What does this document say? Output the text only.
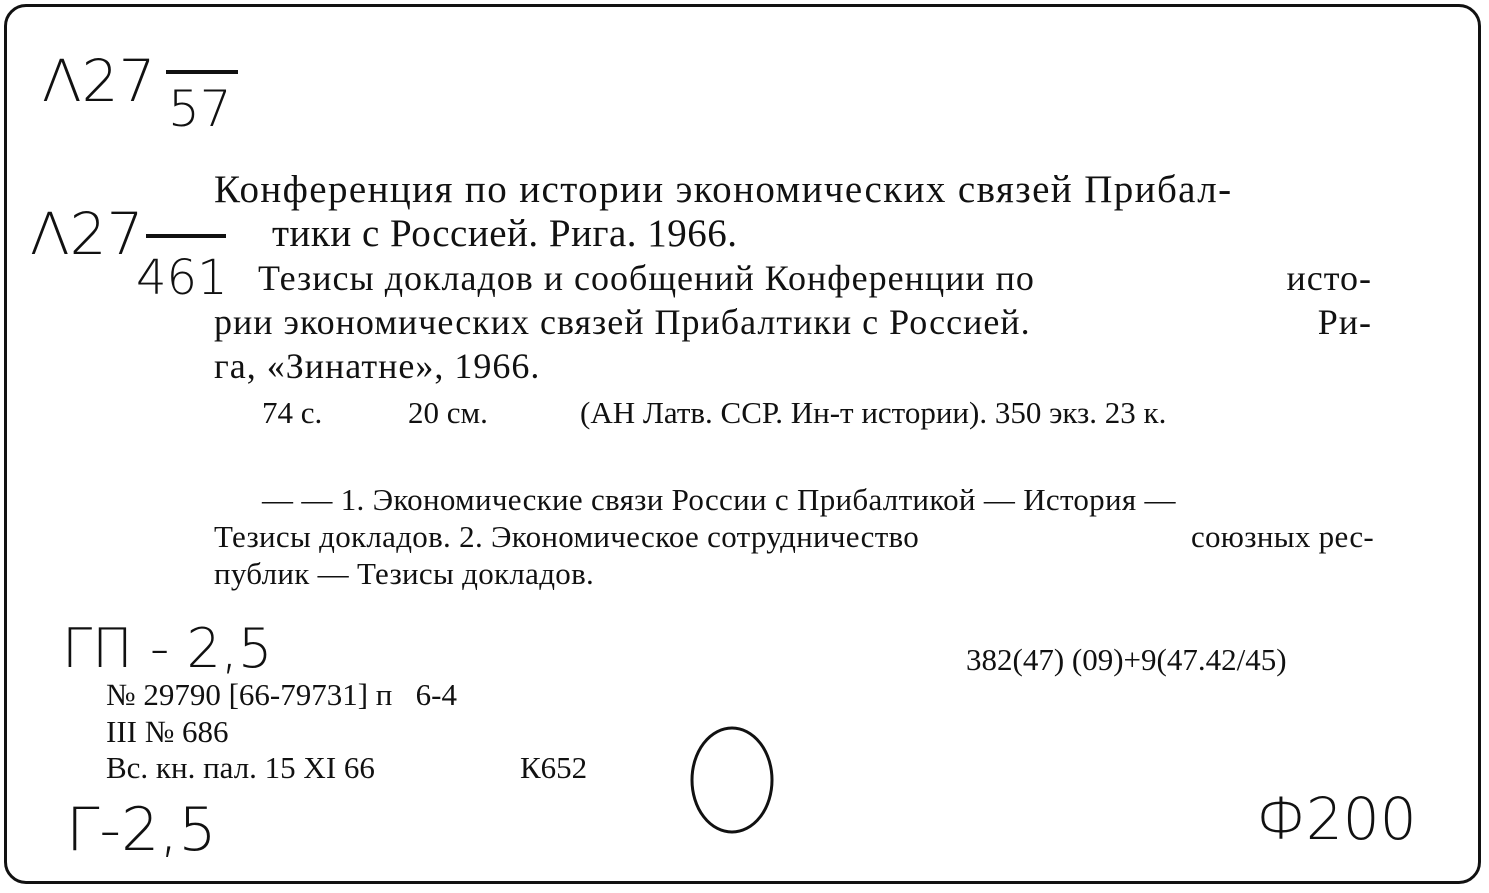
Λ27 57
Λ27
461
Конференция по истории экономических связей Прибал-
тики с Россией. Рига. 1966.
Тезисы докладов и сообщений Конференции по	исто-
рии экономических связей Прибалтики с Россией.	Ри-
га, «Зинатне», 1966.
74 с.	20 см.	(АН Латв. ССР. Ин-т истории). 350 экз. 23 к.
— — 1. Экономические связи России с Прибалтикой — История —
Тезисы докладов. 2. Экономическое сотрудничество	союзных рес-
публик — Тезисы докладов.
ГП - 2,5	382(47) (09)+9(47.42/45)
№ 29790 [66-79731] п   6-4
III № 686
Вс. кн. пал. 15 XI 66	К652
Г-2,5	Ф200
